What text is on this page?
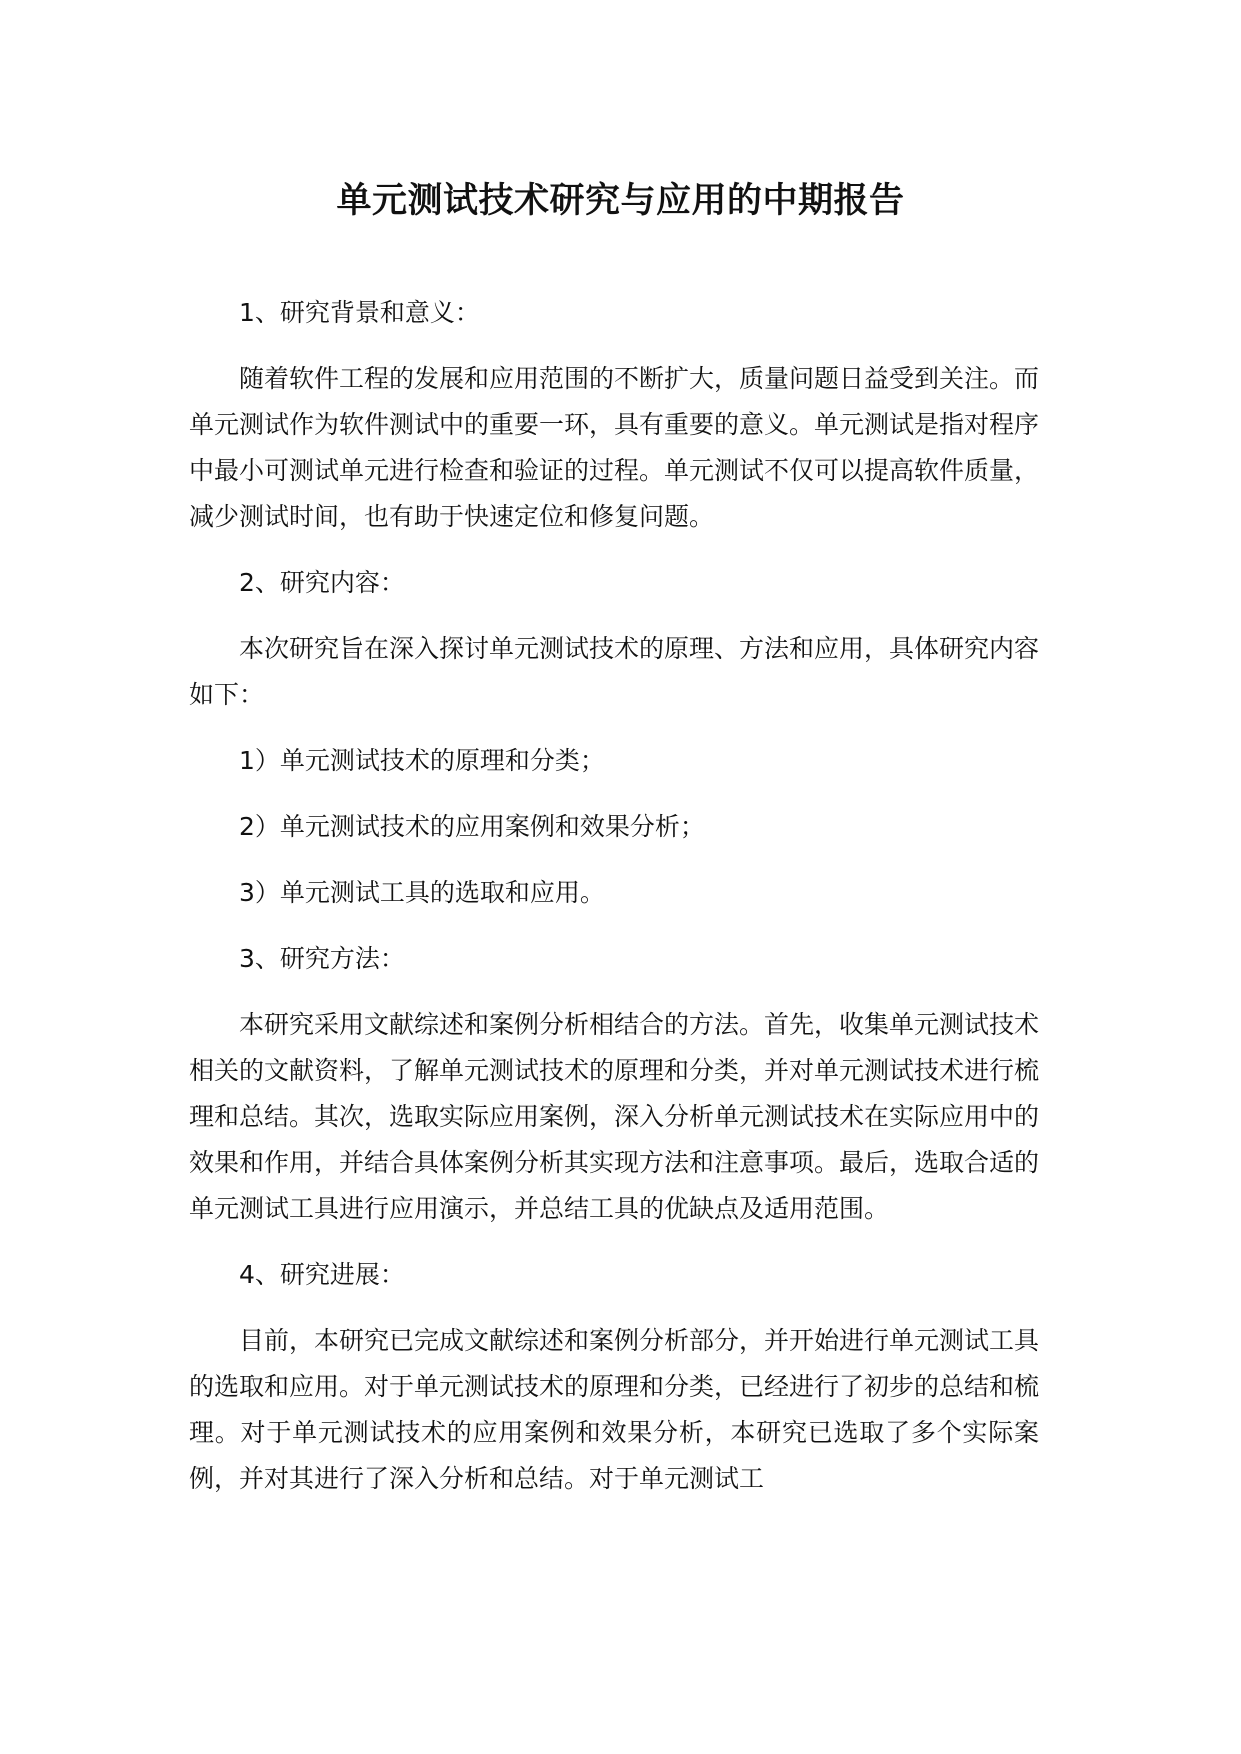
单元测试技术研究与应用的中期报告

1、研究背景和意义：

随着软件工程的发展和应用范围的不断扩大，质量问题日益受到关注。而单元测试作为软件测试中的重要一环，具有重要的意义。单元测试是指对程序中最小可测试单元进行检查和验证的过程。单元测试不仅可以提高软件质量，减少测试时间，也有助于快速定位和修复问题。

2、研究内容：

本次研究旨在深入探讨单元测试技术的原理、方法和应用，具体研究内容如下：

1）单元测试技术的原理和分类；

2）单元测试技术的应用案例和效果分析；

3）单元测试工具的选取和应用。

3、研究方法：

本研究采用文献综述和案例分析相结合的方法。首先，收集单元测试技术相关的文献资料，了解单元测试技术的原理和分类，并对单元测试技术进行梳理和总结。其次，选取实际应用案例，深入分析单元测试技术在实际应用中的效果和作用，并结合具体案例分析其实现方法和注意事项。最后，选取合适的单元测试工具进行应用演示，并总结工具的优缺点及适用范围。

4、研究进展：

目前，本研究已完成文献综述和案例分析部分，并开始进行单元测试工具的选取和应用。对于单元测试技术的原理和分类，已经进行了初步的总结和梳理。对于单元测试技术的应用案例和效果分析，本研究已选取了多个实际案例，并对其进行了深入分析和总结。对于单元测试工
